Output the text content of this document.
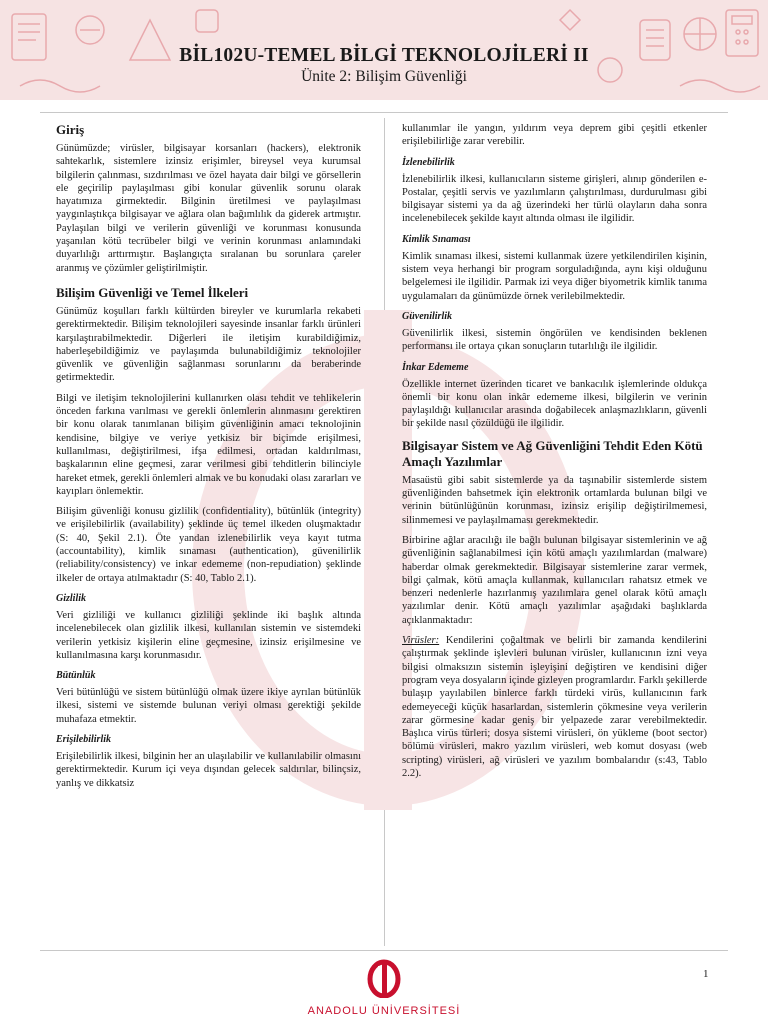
BİL102U-TEMEL BİLGİ TEKNOLOJİLERİ II
Ünite 2: Bilişim Güvenliği
Giriş
Günümüzde; virüsler, bilgisayar korsanları (hackers), elektronik sahtekarlık, sistemlere izinsiz erişimler, bireysel veya kurumsal bilgilerin çalınması, sızdırılması ve özel hayata dair bilgi ve görsellerin ele geçirilip paylaşılması gibi konular güvenlik sorunu olarak hayatımıza girmektedir. Bilginin üretilmesi ve paylaşılması yaygınlaştıkça bilgisayar ve ağlara olan bağımlılık da giderek artmıştır. Paylaşılan bilgi ve verilerin güvenliği ve korunması konusunda yaşanılan kötü tecrübeler bilgi ve verinin korunması anlamındaki duyarlılığı arttırmıştır. Başlangıçta sıralanan bu sorunlara çareler aranmış ve çözümler geliştirilmiştir.
Bilişim Güvenliği ve Temel İlkeleri
Günümüz koşulları farklı kültürden bireyler ve kurumlarla rekabeti gerektirmektedir. Bilişim teknolojileri sayesinde insanlar farklı ürünleri karşılaştırabilmektedir. Diğerleri ile iletişim kurabildiğimiz, haberleşebildiğimiz ve paylaşımda bulunabildiğimiz teknolojiler güvenlik ve güvenliğin sağlanması sorunlarını da beraberinde getirmektedir.
Bilgi ve iletişim teknolojilerini kullanırken olası tehdit ve tehlikelerin önceden farkına varılması ve gerekli önlemlerin alınmasını gerektiren bir konu olarak tanımlanan bilişim güvenliğinin amacı teknolojinin kendisine, bilgiye ve veriye yetkisiz bir biçimde erişilmesi, kullanılması, değiştirilmesi, ifşa edilmesi, ortadan kaldırılması, başkalarının eline geçmesi, zarar verilmesi gibi tehditlerin bilinciyle hareket etmek, gerekli önlemleri almak ve bu konudaki olası zararları ve kayıpları önlemektir.
Bilişim güvenliği konusu gizlilik (confidentiality), bütünlük (integrity) ve erişilebilirlik (availability) şeklinde üç temel ilkeden oluşmaktadır (S: 40, Şekil 2.1). Öte yandan izlenebilirlik veya kayıt tutma (accountability), kimlik sınaması (authentication), güvenilirlik (reliability/consistency) ve inkar edememe (non-repudiation) şeklinde ilkeler de ortaya atılmaktadır (S: 40, Tablo 2.1).
Gizlilik
Veri gizliliği ve kullanıcı gizliliği şeklinde iki başlık altında incelenebilecek olan gizlilik ilkesi, kullanılan sistemin ve sistemdeki verilerin yetkisiz kişilerin eline geçmesine, izinsiz erişilmesine ve kullanılmasına karşı korunmasıdır.
Bütünlük
Veri bütünlüğü ve sistem bütünlüğü olmak üzere ikiye ayrılan bütünlük ilkesi, sistemi ve sistemde bulunan veriyi olması gerektiği şekilde muhafaza etmektir.
Erişilebilirlik
Erişilebilirlik ilkesi, bilginin her an ulaşılabilir ve kullanılabilir olmasını gerektirmektedir. Kurum içi veya dışından gelecek saldırılar, bilinçsiz, yanlış ve dikkatsiz
kullanımlar ile yangın, yıldırım veya deprem gibi çeşitli etkenler erişilebilirliğe zarar verebilir.
İzlenebilirlik
İzlenebilirlik ilkesi, kullanıcıların sisteme girişleri, alınıp gönderilen e-Postalar, çeşitli servis ve yazılımların çalıştırılması, durdurulması gibi bilgisayar sistemi ya da ağ üzerindeki her türlü olayların daha sonra incelenebilecek şekilde kayıt altında olması ile ilgilidir.
Kimlik Sınaması
Kimlik sınaması ilkesi, sistemi kullanmak üzere yetkilendirilen kişinin, sistem veya herhangi bir program sorguladığında, aynı kişi olduğunu belgelemesi ile ilgilidir. Parmak izi veya diğer biyometrik kimlik tanıma uygulamaları da günümüzde örnek verilebilmektedir.
Güvenilirlik
Güvenilirlik ilkesi, sistemin öngörülen ve kendisinden beklenen performansı ile ortaya çıkan sonuçların tutarlılığı ile ilgilidir.
İnkar Edememe
Özellikle internet üzerinden ticaret ve bankacılık işlemlerinde oldukça önemli bir konu olan inkâr edememe ilkesi, bilgilerin ve verinin paylaşıldığı kullanıcılar arasında doğabilecek anlaşmazlıkların, güvenli bir şekilde nasıl çözüldüğü ile ilgilidir.
Bilgisayar Sistem ve Ağ Güvenliğini Tehdit Eden Kötü Amaçlı Yazılımlar
Masaüstü gibi sabit sistemlerde ya da taşınabilir sistemlerde sistem güvenliğinden bahsetmek için elektronik ortamlarda bulunan bilgi ve verinin bütünlüğünün korunması, izinsiz erişilip değiştirilmemesi, silinmemesi ve paylaşılmaması gerekmektedir.
Birbirine ağlar aracılığı ile bağlı bulunan bilgisayar sistemlerinin ve ağ güvenliğinin sağlanabilmesi için kötü amaçlı yazılımlardan (malware) haberdar olmak gerekmektedir. Bilgisayar sistemlerine zarar vermek, bilgi çalmak, kötü amaçla kullanmak, kullanıcıları rahatsız etmek ve benzeri nedenlerle hazırlanmış yazılımlara genel olarak kötü amaçlı yazılımlar denir. Kötü amaçlı yazılımlar aşağıdaki başlıklarda açıklanmaktadır:
Virüsler: Kendilerini çoğaltmak ve belirli bir zamanda kendilerini çalıştırmak şeklinde işlevleri bulunan virüsler, kullanıcının izni veya bilgisi olmaksızın sistemin işleyişini değiştiren ve kendisini diğer program veya dosyaların içinde gizleyen programlardır. Farklı şekillerde bulaşıp yayılabilen binlerce farklı türdeki virüs, kullanıcının fark edemeyeceği küçük hasarlardan, sistemlerin çökmesine veya verilerin zarar görmesine kadar geniş bir yelpazede zarar verebilmektedir. Başlıca virüs türleri; dosya sistemi virüsleri, ön yükleme (boot sector) bölümü virüsleri, makro yazılım virüsleri, web komut dosyası (web scripting) virüsleri, ağ virüsleri ve yazılım bombalarıdır (s:43, Tablo 2.2).
1
ANADOLU ÜNİVERSİTESİ
